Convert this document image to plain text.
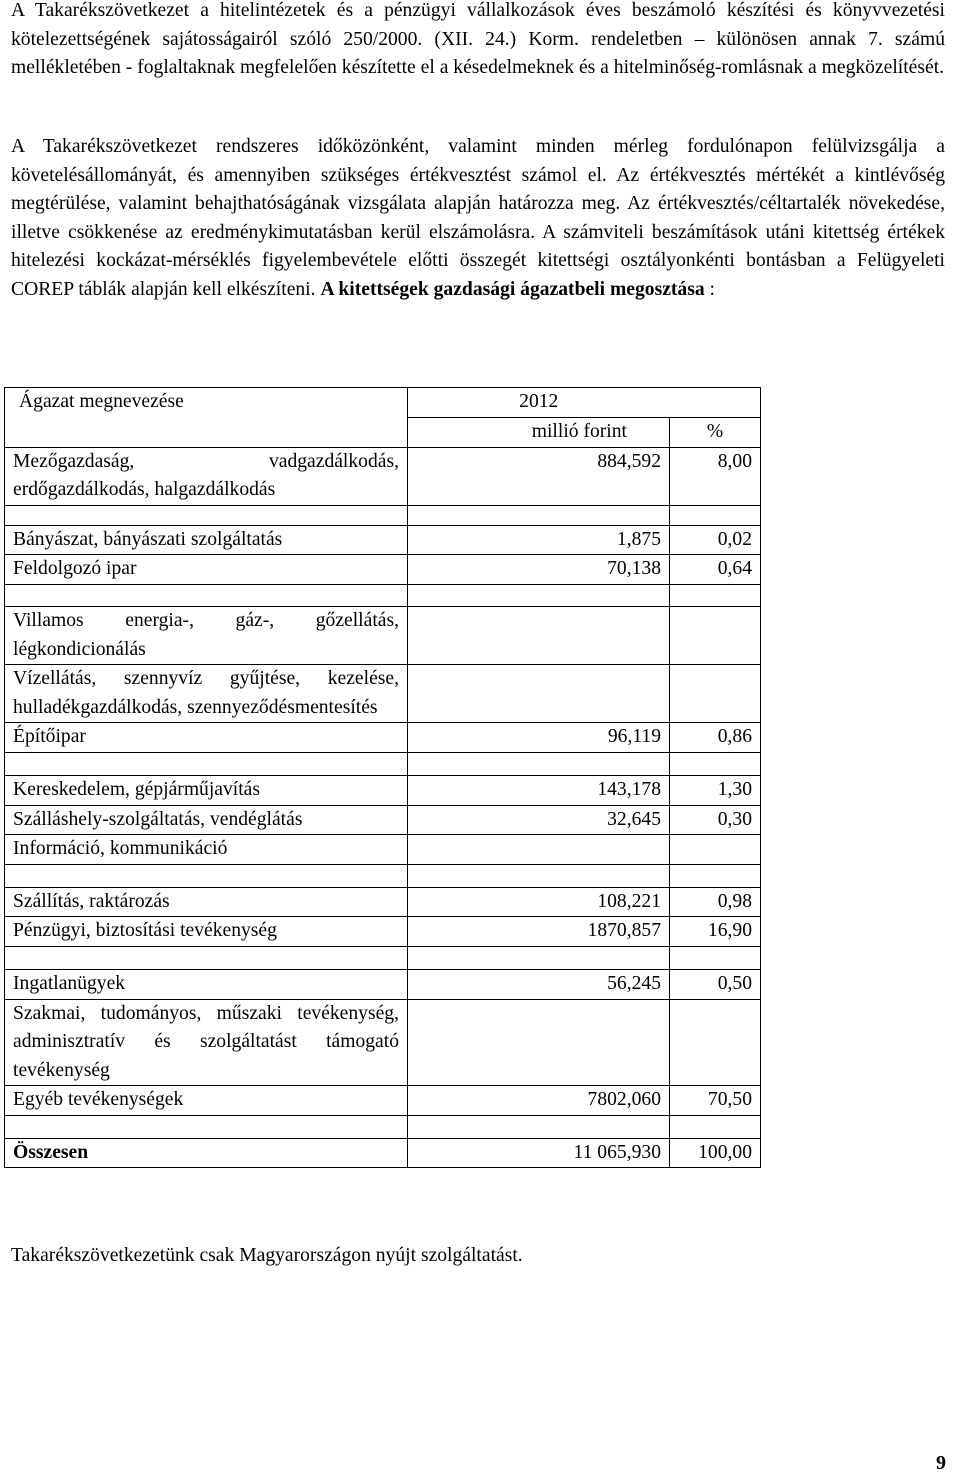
A Takarékszövetkezet a hitelintézetek és a pénzügyi vállalkozások éves beszámoló készítési és könyvvezetési kötelezettségének sajátosságairól szóló 250/2000. (XII. 24.) Korm. rendeletben – különösen annak 7. számú mellékletében - foglaltaknak megfelelően készítette el a késedelmeknek és a hitelminőség-romlásnak a megközelítését.

A Takarékszövetkezet rendszeres időközönként, valamint minden mérleg fordulónapon felülvizsgálja a követelésállományát, és amennyiben szükséges értékvesztést számol el. Az értékvesztés mértékét a kintlévőség megtérülése, valamint behajthatóságának vizsgálata alapján határozza meg. Az értékvesztés/céltartalék növekedése, illetve csökkenése az eredménykimutatásban kerül elszámolásra. A számviteli beszámítások utáni kitettség értékek hitelezési kockázat-mérséklés figyelembevétele előtti összegét kitettségi osztályonkénti bontásban a Felügyeleti COREP táblák alapján kell elkészíteni. A kitettségek gazdasági ágazatbeli megosztása :

Ágazat megnevezése	2012	
	millió forint	%
Mezőgazdaság, vadgazdálkodás, erdőgazdálkodás, halgazdálkodás	884,592	8,00

Bányászat, bányászati szolgáltatás	1,875	0,02
Feldolgozó ipar	70,138	0,64

Villamos energia-, gáz-, gőzellátás, légkondicionálás		
Vízellátás, szennyvíz gyűjtése, kezelése, hulladékgazdálkodás, szennyeződésmentesítés		
Építőipar	96,119	0,86

Kereskedelem, gépjárműjavítás	143,178	1,30
Szálláshely-szolgáltatás, vendéglátás	32,645	0,30
Információ, kommunikáció		

Szállítás, raktározás	108,221	0,98
Pénzügyi, biztosítási tevékenység	1870,857	16,90

Ingatlanügyek	56,245	0,50
Szakmai, tudományos, műszaki tevékenység, adminisztratív és szolgáltatást támogató tevékenység		
Egyéb tevékenységek	7802,060	70,50

Összesen	11 065,930	100,00
Takarékszövetkezetünk csak Magyarországon nyújt szolgáltatást.
9
